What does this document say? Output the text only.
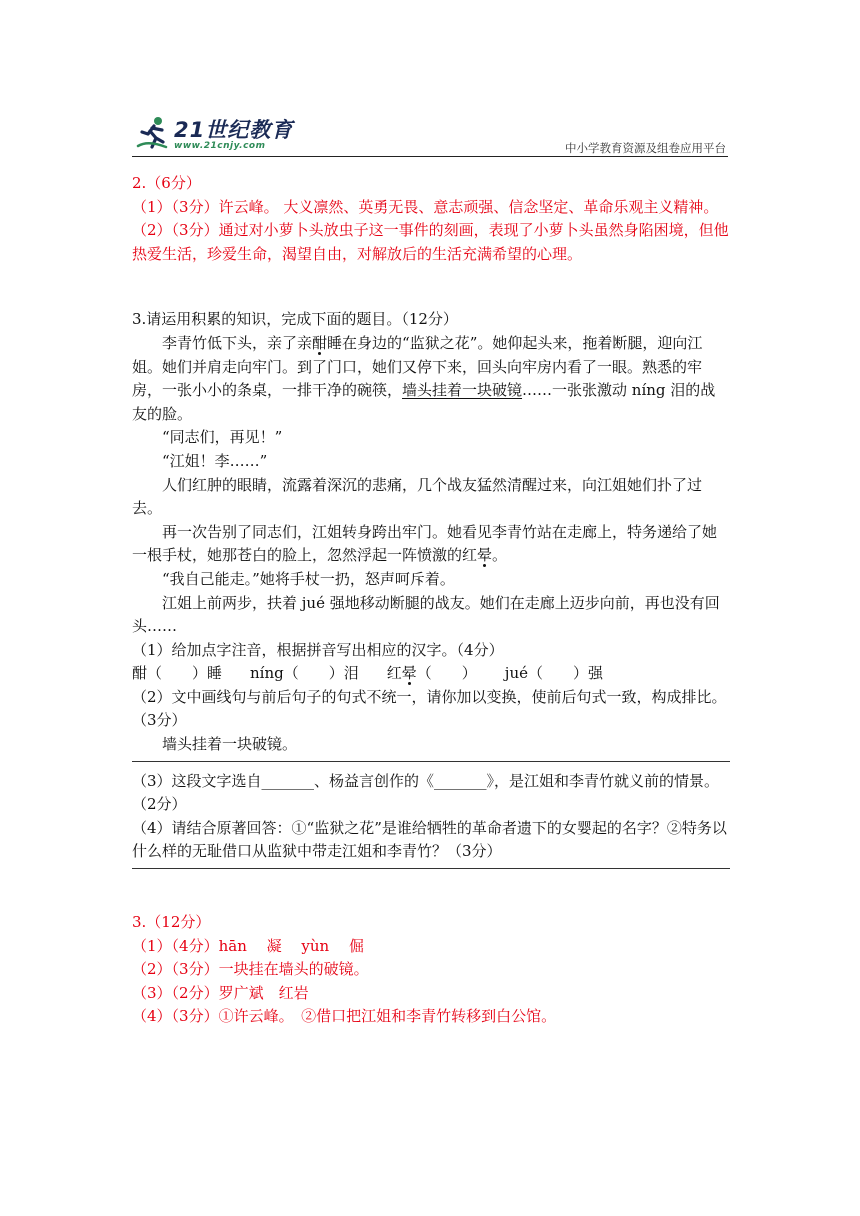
21世纪教育
www.21cnjy.com	中小学教育资源及组卷应用平台

2.（6分）

（1）（3分）许云峰。 大义凛然、英勇无畏、意志顽强、信念坚定、革命乐观主义精神。

（2）（3分）通过对小萝卜头放虫子这一事件的刻画，表现了小萝卜头虽然身陷困境，但他热爱生活，珍爱生命，渴望自由，对解放后的生活充满希望的心理。

3.请运用积累的知识，完成下面的题目。（12分）

李青竹低下头，亲了亲酣睡在身边的“监狱之花”。她仰起头来，拖着断腿，迎向江姐。她们并肩走向牢门。到了门口，她们又停下来，回头向牢房内看了一眼。熟悉的牢房，一张小小的条桌，一排干净的碗筷，墙头挂着一块破镜……一张张激动 níng 泪的战友的脸。

“同志们，再见！”

“江姐！李……”

人们红肿的眼睛，流露着深沉的悲痛，几个战友猛然清醒过来，向江姐她们扑了过去。

再一次告别了同志们，江姐转身跨出牢门。她看见李青竹站在走廊上，特务递给了她一根手杖，她那苍白的脸上，忽然浮起一阵愤激的红晕。

“我自己能走。”她将手杖一扔，怒声呵斥着。

江姐上前两步，扶着 jué 强地移动断腿的战友。她们在走廊上迈步向前，再也没有回头……

（1）给加点字注音，根据拼音写出相应的汉字。（4分）

酣（　　）睡 níng（　　）泪 红晕（　　） jué（　　）强

（2）文中画线句与前后句子的句式不统一，请你加以变换，使前后句式一致，构成排比。（3分）

墙头挂着一块破镜。

（3）这段文字选自_______、杨益言创作的《_______》，是江姐和李青竹就义前的情景。（2分）

（4）请结合原著回答：①“监狱之花”是谁给牺牲的革命者遗下的女婴起的名字？②特务以什么样的无耻借口从监狱中带走江姐和李青竹？（3分）

3.（12分）

（1）（4分）hān　 凝　 yùn　 倔

（2）（3分）一块挂在墙头的破镜。

（3）（2分）罗广斌　红岩

（4）（3分）①许云峰。　②借口把江姐和李青竹转移到白公馆。
